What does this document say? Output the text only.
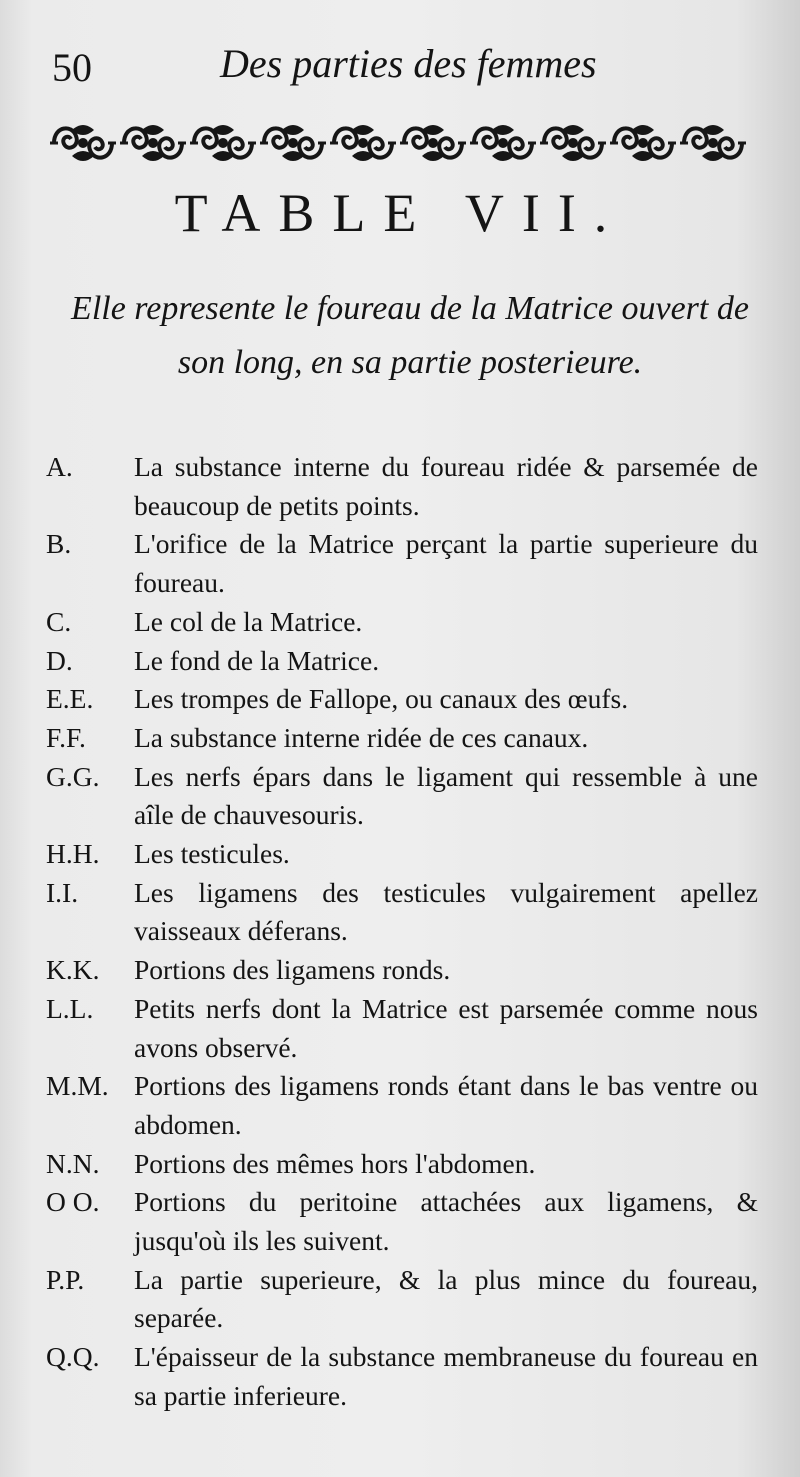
50	Des parties des femmes
TABLE VII.
Elle represente le foureau de la Matrice ouvert de son long, en sa partie posterieure.
A.	La substance interne du foureau ridée & parsemée de beaucoup de petits points.
B.	L'orifice de la Matrice perçant la partie superieure du foureau.
C.	Le col de la Matrice.
D.	Le fond de la Matrice.
E.E.	Les trompes de Fallope, ou canaux des œufs.
F.F.	La substance interne ridée de ces canaux.
G.G.	Les nerfs épars dans le ligament qui ressemble à une aîle de chauvesouris.
H.H.	Les testicules.
I.I.	Les ligamens des testicules vulgairement apellez vaisseaux déferans.
K.K.	Portions des ligamens ronds.
L.L.	Petits nerfs dont la Matrice est parsemée comme nous avons observé.
M.M. Portions des ligamens ronds étant dans le bas ventre ou abdomen.
N.N.	Portions des mêmes hors l'abdomen.
O O.	Portions du peritoine attachées aux ligamens, & jusqu'où ils les suivent.
P.P.	La partie superieure, & la plus mince du foureau, separée.
Q.Q.	L'épaisseur de la substance membraneuse du foureau en sa partie inferieure.
